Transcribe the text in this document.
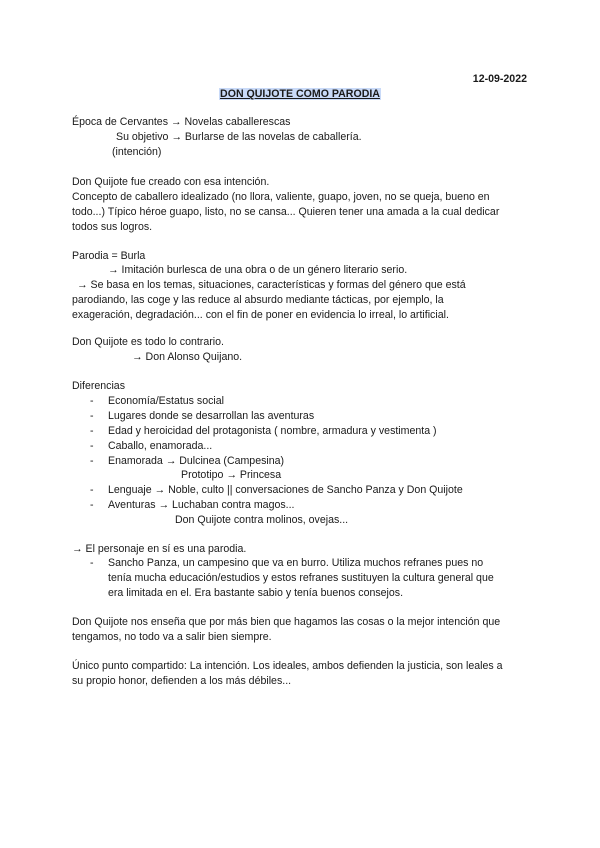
12-09-2022
DON QUIJOTE COMO PARODIA
Época de Cervantes → Novelas caballerescas
Su objetivo → Burlarse de las novelas de caballería.
(intención)
Don Quijote fue creado con esa intención.
Concepto de caballero idealizado (no llora, valiente, guapo, joven, no se queja, bueno en
todo...) Típico héroe guapo, listo, no se cansa... Quieren tener una amada a la cual dedicar
todos sus logros.
Parodia = Burla
→ Imitación burlesca de una obra o de un género literario serio.
→ Se basa en los temas, situaciones, características y formas del género que está
parodiando, las coge y las reduce al absurdo mediante tácticas, por ejemplo, la
exageración, degradación... con el fin de poner en evidencia lo irreal, lo artificial.
Don Quijote es todo lo contrario.
→ Don Alonso Quijano.
Diferencias
- Economía/Estatus social
- Lugares donde se desarrollan las aventuras
- Edad y heroicidad del protagonista ( nombre, armadura y vestimenta )
- Caballo, enamorada...
- Enamorada → Dulcinea (Campesina)
Prototipo → Princesa
- Lenguaje → Noble, culto || conversaciones de Sancho Panza y Don Quijote
- Aventuras → Luchaban contra magos...
Don Quijote contra molinos, ovejas...
→ El personaje en sí es una parodia.
- Sancho Panza, un campesino que va en burro. Utiliza muchos refranes pues no
tenía mucha educación/estudios y estos refranes sustituyen la cultura general que
era limitada en el. Era bastante sabio y tenía buenos consejos.
Don Quijote nos enseña que por más bien que hagamos las cosas o la mejor intención que
tengamos, no todo va a salir bien siempre.
Único punto compartido: La intención. Los ideales, ambos defienden la justicia, son leales a
su propio honor, defienden a los más débiles...
